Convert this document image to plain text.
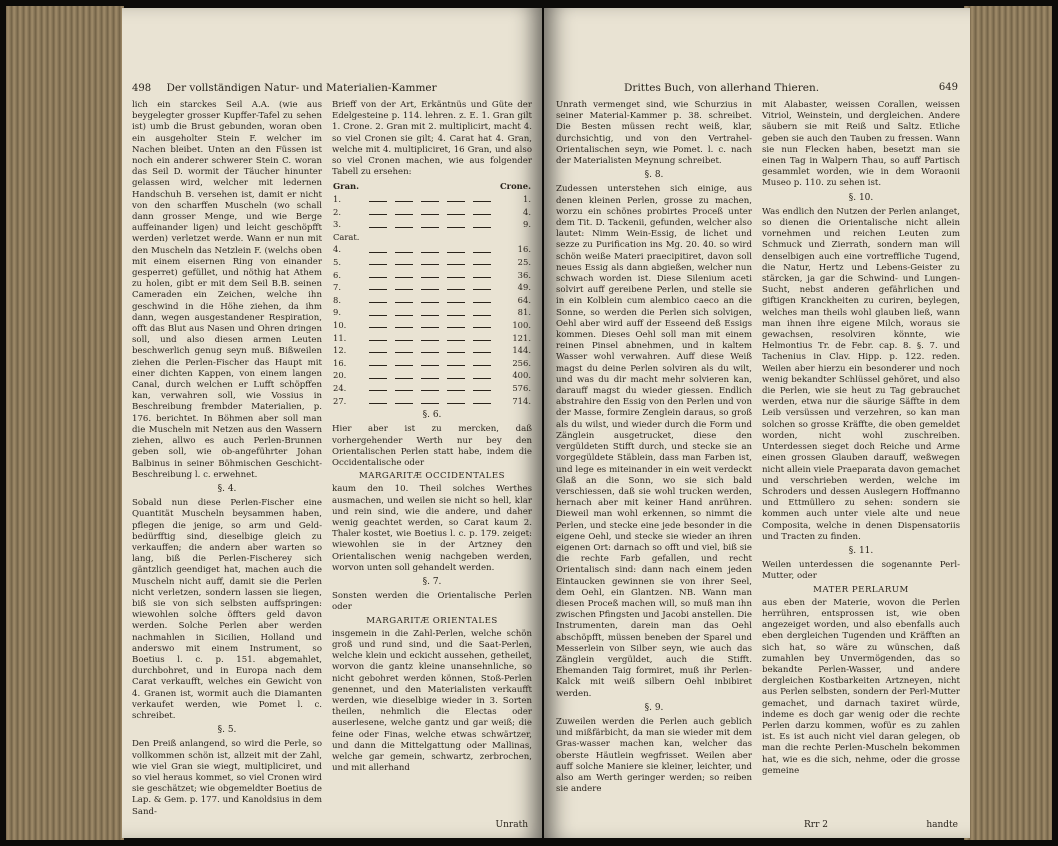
498 Der vollständigen Natur- und Materialien-Kammer

lich ein starckes Seil A.A. (wie aus beygelegter grosser Kupffer-Tafel zu sehen ist) umb die Brust gebunden, woran oben ein ausgeholter Stein F. welcher im Nachen bleibet. Unten an den Füssen ist noch ein anderer schwerer Stein C. woran das Seil D. wormit der Täucher hinunter gelassen wird, welcher mit ledernen Handschuh B. versehen ist, damit er nicht von den scharffen Muscheln (wo schall dann grosser Menge, und wie Berge auffeinander ligen) und leicht geschöpfft werden) verletzet werde. Wann er nun mit den Muscheln das Netzlein F. (welchs oben mit einem eisernen Ring von einander gesperret) gefüllet, und nöthig hat Athem zu holen, gibt er mit dem Seil B.B. seinen Cameraden ein Zeichen, welche ihn geschwind in die Höhe ziehen, da ihm dann, wegen ausgestandener Respiration, offt das Blut aus Nasen und Ohren dringen soll, und also diesen armen Leuten beschwerlich genug seyn muß. Bißweilen ziehen die Perlen-Fischer das Haupt mit einer dichten Kappen, von einem langen Canal, durch welchen er Lufft schöpffen kan, verwahren soll, wie Vossius in Beschreibung frembder Materialien, p. 176. berichtet. In Böhmen aber soll man die Muscheln mit Netzen aus den Wassern ziehen, allwo es auch Perlen-Brunnen geben soll, wie ob-angeführter Johan Balbinus in seiner Böhmischen Geschicht-Beschreibung l. c. erwehnet.

§. 4.

Sobald nun diese Perlen-Fischer eine Quantität Muscheln beysammen haben, pflegen die jenige, so arm und Geld-bedürfftig sind, dieselbige gleich zu verkauffen; die andern aber warten so lang, biß die Perlen-Fischerey sich gäntzlich geendiget hat, machen auch die Muscheln nicht auff, damit sie die Perlen nicht verletzen, sondern lassen sie liegen, biß sie von sich selbsten auffspringen: wiewohlen solche öffters geld davon werden. Solche Perlen aber werden nachmahlen in Sicilien, Holland und anderswo mit einem Instrument, so Boetius l. c. p. 151. abgemahlet, durchbohret, und in Europa nach dem Carat verkaufft, welches ein Gewicht von 4. Granen ist, wormit auch die Diamanten verkaufet werden, wie Pomet l. c. schreibet.

§. 5.

Den Preiß anlangend, so wird die Perle, so vollkommen schön ist, allzeit mit der Zahl, wie viel Gran sie wiegt, multipliciret, und so viel heraus kommet, so viel Cronen wird sie geschätzet; wie obgemeldter Boetius de Lap. & Gem. p. 177. und Kanoldsius in dem Sand-

Brieff von der Art, Erkäntnüs und Güte der Edelgesteine p. 114. lehren. z. E. 1. Gran gilt 1. Crone. 2. Gran mit 2. multiplicirt, macht 4. so viel Cronen sie gilt; 4. Carat hat 4. Gran, welche mit 4. multipliciret, 16 Gran, und also so viel Cronen machen, wie aus folgender Tabell zu ersehen:

Gran.		Crone.
1.		1.
2.		4.
3.		9.
Carat.		
4.		16.
5.		25.
6.		36.
7.		49.
8.		64.
9.		81.
10.		100.
11.		121.
12.		144.
16.		256.
20.		400.
24.		576.
27.		714.
§. 6.

Hier aber ist zu mercken, daß vorhergehender Werth nur bey den Orientalischen Perlen statt habe, indem die Occidentalische oder

MARGARITÆ OCCIDENTALES

kaum den 10. Theil solches Werthes ausmachen, und weilen sie nicht so hell, klar und rein sind, wie die andere, und daher wenig geachtet werden, so Carat kaum 2. Thaler kostet, wie Boetius l. c. p. 179. zeiget: wiewohlen sie in der Artzney den Orientalischen wenig nachgeben werden, worvon unten soll gehandelt werden.

§. 7.

Sonsten werden die Orientalische Perlen oder

MARGARITÆ ORIENTALES

insgemein in die Zahl-Perlen, welche schön groß und rund sind, und die Saat-Perlen, welche klein und eckicht aussehen, getheilet, worvon die gantz kleine unansehnliche, so nicht gebohret werden können, Stoß-Perlen genennet, und den Materialisten verkaufft werden, wie dieselbige wieder in 3. Sorten theilen, nehmlich die Electas oder auserlesene, welche gantz und gar weiß; die feine oder Finas, welche etwas schwärtzer, und dann die Mittelgattung oder Mallinas, welche gar gemein, schwartz, zerbrochen, und mit allerhand

Unrath
Drittes Buch, von allerhand Thieren.	649

Unrath vermenget sind, wie Schurzius in seiner Material-Kammer p. 38. schreibet. Die Besten müssen recht weiß, klar, durchsichtig, und von den Vertrahel-Orientalischen seyn, wie Pomet. l. c. nach der Materialisten Meynung schreibet.

§. 8.

Zudessen unterstehen sich einige, aus denen kleinen Perlen, grosse zu machen, worzu ein schönes probirtes Proceß unter dem Tit. D. Tackenii, gefunden, welcher also lautet: Nimm Wein-Essig, de lichet und sezze zu Purification ins Mg. 20. 40. so wird schön weiße Materi praecipitiret, davon soll neues Essig als dann abgießen, welcher nun schwach worden ist. Diese Silenium aceti solvirt auff gereibene Perlen, und stelle sie in ein Kolblein cum alembico caeco an die Sonne, so werden die Perlen sich solvigen, Oehl aber wird auff der Esseend deß Essigs kommen. Dieses Oehl soll man mit einem reinen Pinsel abnehmen, und in kaltem Wasser wohl verwahren. Auff diese Weiß magst du deine Perlen solviren als du wilt, und was du dir macht mehr solvieren kan, darauff magst du wieder giessen. Endlich abstrahire den Essig von den Perlen und von der Masse, formire Zenglein daraus, so groß als du wilst, und wieder durch die Form und Zänglein ausgetrucket, diese den vergüldeten Stifft durch, und stecke sie an vorgegüldete Stäblein, dass man Farben ist, und lege es miteinander in ein weit verdeckt Glaß an die Sonn, wo sie sich bald verschiessen, daß sie wohl trucken werden, hernach aber mit keiner Hand anrühren. Dieweil man wohl erkennen, so nimmt die Perlen, und stecke eine jede besonder in die eigene Oehl, und stecke sie wieder an ihren eigenen Ort: darnach so offt und viel, biß sie die rechte Farb gefallen, und recht Orientalisch sind: dann nach einem jeden Eintaucken gewinnen sie von ihrer Seel, dem Oehl, ein Glantzen. NB. Wann man diesen Proceß machen will, so muß man ihn zwischen Pfingsten und Jacobi anstellen. Die Instrumenten, darein man das Oehl abschöpfft, müssen beneben der Sparel und Messerlein von Silber seyn, wie auch das Zänglein vergüldet, auch die Stifft. Ehemanden Taig formiret, muß ihr Perlen-Kalck mit weiß silbern Oehl inbibiret werden.

§. 9.

Zuweilen werden die Perlen auch geblich und mißfärbicht, da man sie wieder mit dem Gras-wasser machen kan, welcher das oberste Häutlein wegfrisset. Weilen aber auff solche Maniere sie kleiner, leichter, und also am Werth geringer werden; so reiben sie andere

mit Alabaster, weissen Corallen, weissen Vitriol, Weinstein, und dergleichen. Andere säubern sie mit Reiß und Saltz. Etliche geben sie auch den Tauben zu fressen. Wann sie nun Flecken haben, besetzt man sie einen Tag in Walpern Thau, so auff Partisch gesammlet worden, wie in dem Woraonii Museo p. 110. zu sehen ist.

§. 10.

Was endlich den Nutzen der Perlen anlanget, so dienen die Orientalische nicht allein vornehmen und reichen Leuten zum Schmuck und Zierrath, sondern man will denselbigen auch eine vortreffliche Tugend, die Natur, Hertz und Lebens-Geister zu stärcken, ja gar die Schwind- und Lungen-Sucht, nebst anderen gefährlichen und giftigen Kranckheiten zu curiren, beylegen, welches man theils wohl glauben ließ, wann man ihnen ihre eigene Milch, woraus sie gewachsen, resolviren könnte, wie Helmontius Tr. de Febr. cap. 8. §. 7. und Tachenius in Clav. Hipp. p. 122. reden. Weilen aber hierzu ein besonderer und noch wenig bekandter Schlüssel gehöret, und also die Perlen, wie sie heut zu Tag gebrauchet werden, etwa nur die säurige Säffte in dem Leib versüssen und verzehren, so kan man solchen so grosse Kräffte, die oben gemeldet worden, nicht wohl zuschreiben. Unterdessen sieget doch Reiche und Arme einen grossen Glauben darauff, weßwegen nicht allein viele Praeparata davon gemachet und verschrieben werden, welche im Schroders und dessen Auslegern Hoffmanno und Ettmüllero zu sehen: sondern sie kommen auch unter viele alte und neue Composita, welche in denen Dispensatoriis und Tracten zu finden.

§. 11.

Weilen unterdessen die sogenannte Perl-Mutter, oder

MATER PERLARUM

aus eben der Materie, wovon die Perlen herrühren, entsprossen ist, wie oben angezeiget worden, und also ebenfalls auch eben dergleichen Tugenden und Kräfften an sich hat, so wäre zu wünschen, daß zumahlen bey Unvermögenden, das so bekandte Perlen-Wasser, und andere dergleichen Kostbarkeiten Artzneyen, nicht aus Perlen selbsten, sondern der Perl-Mutter gemachet, und darnach taxiret würde, indeme es doch gar wenig oder die rechte Perlen darzu kommen, wofür es zu zahlen ist. Es ist auch nicht viel daran gelegen, ob man die rechte Perlen-Muscheln bekommen hat, wie es die sich, nehme, oder die grosse gemeine

Rrr 2	handte
